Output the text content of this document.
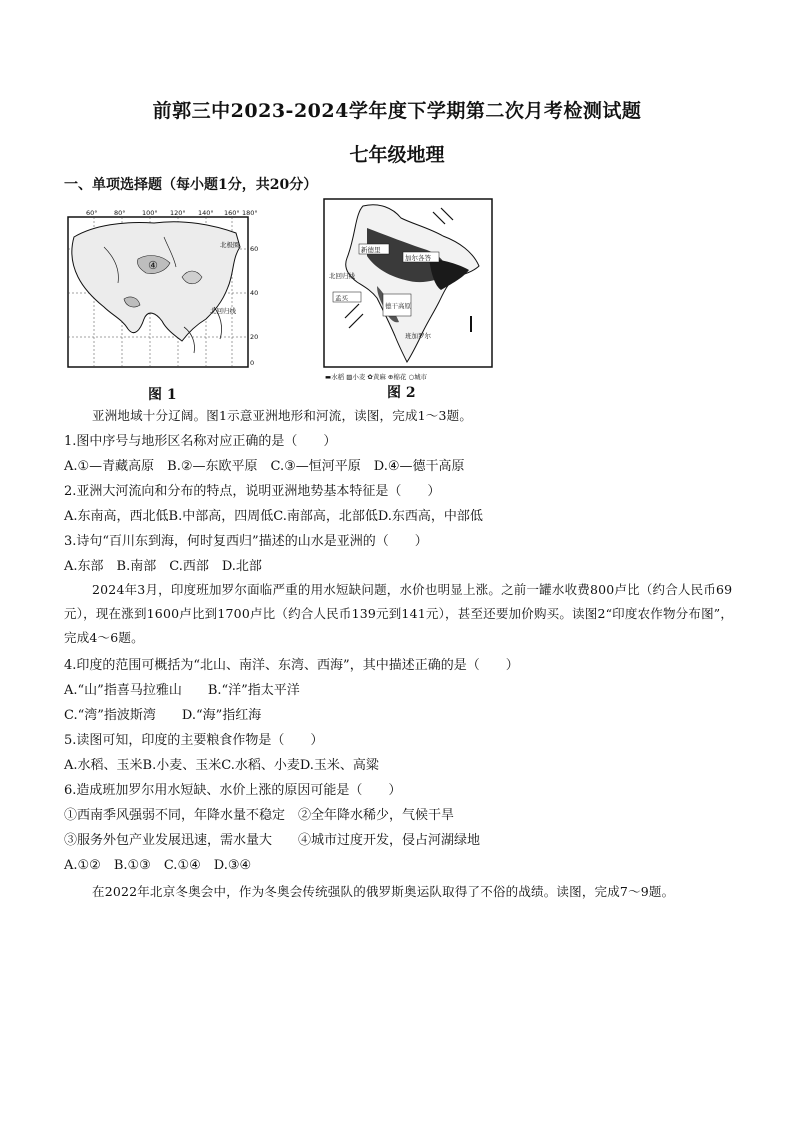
前郭三中2023-2024学年度下学期第二次月考检测试题
七年级地理
一、单项选择题（每小题1分，共20分）
60°	80°	100° 120° 140° 160° 180°
60
40
20
0
④
北极圈
北回归线
图 1
新德里
加尔各答
孟买
德干高原
北回归线
班加罗尔
▬水稻 ▨小麦 ✿黄麻 ⊕棉花 ○城市
图 2
亚洲地域十分辽阔。图1示意亚洲地形和河流，读图，完成1～3题。
1.图中序号与地形区名称对应正确的是（　　）
A.①—青藏高原　B.②—东欧平原　C.③—恒河平原　D.④—德干高原
2.亚洲大河流向和分布的特点，说明亚洲地势基本特征是（　　）
A.东南高，西北低B.中部高，四周低C.南部高，北部低D.东西高，中部低
3.诗句“百川东到海，何时复西归”描述的山水是亚洲的（　　）
A.东部　B.南部　C.西部　D.北部
2024年3月，印度班加罗尔面临严重的用水短缺问题，水价也明显上涨。之前一罐水收费800卢比（约合人民币69元），现在涨到1600卢比到1700卢比（约合人民币139元到141元），甚至还要加价购买。读图2“印度农作物分布图”，完成4～6题。
4.印度的范围可概括为“北山、南洋、东湾、西海”，其中描述正确的是（　　）
A.“山”指喜马拉雅山　　B.“洋”指太平洋
C.“湾”指波斯湾　　D.“海”指红海
5.读图可知，印度的主要粮食作物是（　　）
A.水稻、玉米B.小麦、玉米C.水稻、小麦D.玉米、高粱
6.造成班加罗尔用水短缺、水价上涨的原因可能是（　　）
①西南季风强弱不同，年降水量不稳定　②全年降水稀少，气候干旱
③服务外包产业发展迅速，需水量大　　④城市过度开发，侵占河湖绿地
A.①②　B.①③　C.①④　D.③④
在2022年北京冬奥会中，作为冬奥会传统强队的俄罗斯奥运队取得了不俗的战绩。读图，完成7～9题。
